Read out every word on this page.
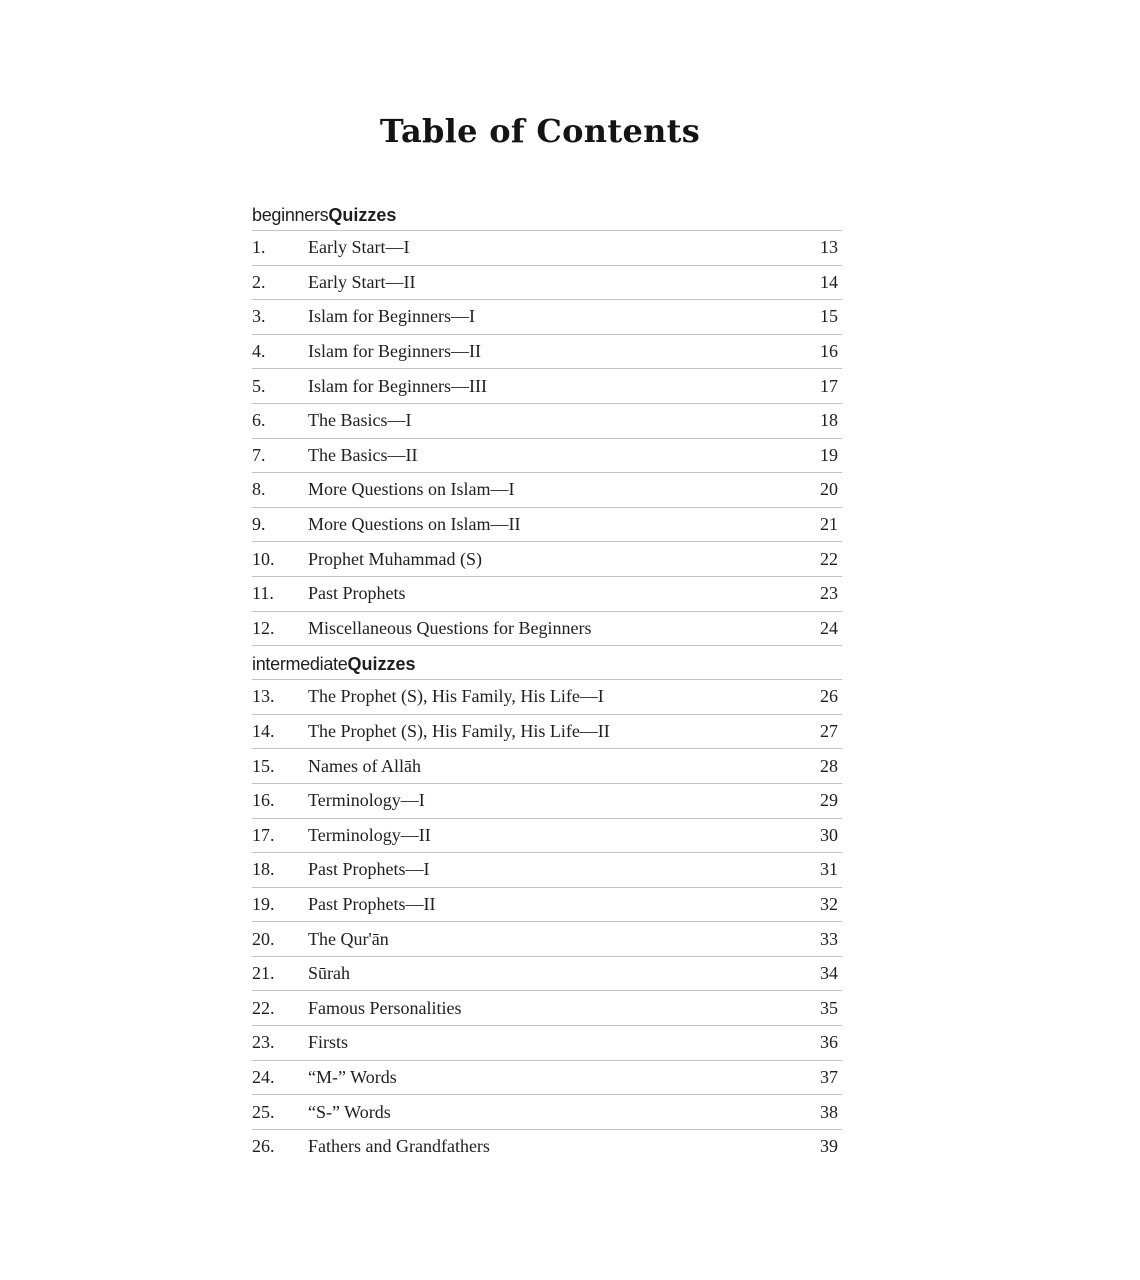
Table of Contents
beginnersQuizzes
1.	Early Start—I	13
2.	Early Start—II	14
3.	Islam for Beginners—I	15
4.	Islam for Beginners—II	16
5.	Islam for Beginners—III	17
6.	The Basics—I	18
7.	The Basics—II	19
8.	More Questions on Islam—I	20
9.	More Questions on Islam—II	21
10.	Prophet Muhammad (S)	22
11.	Past Prophets	23
12.	Miscellaneous Questions for Beginners	24
intermediateQuizzes
13.	The Prophet (S), His Family, His Life—I	26
14.	The Prophet (S), His Family, His Life—II	27
15.	Names of Allāh	28
16.	Terminology—I	29
17.	Terminology—II	30
18.	Past Prophets—I	31
19.	Past Prophets—II	32
20.	The Qur'ān	33
21.	Sūrah	34
22.	Famous Personalities	35
23.	Firsts	36
24.	“M-” Words	37
25.	“S-” Words	38
26.	Fathers and Grandfathers	39
